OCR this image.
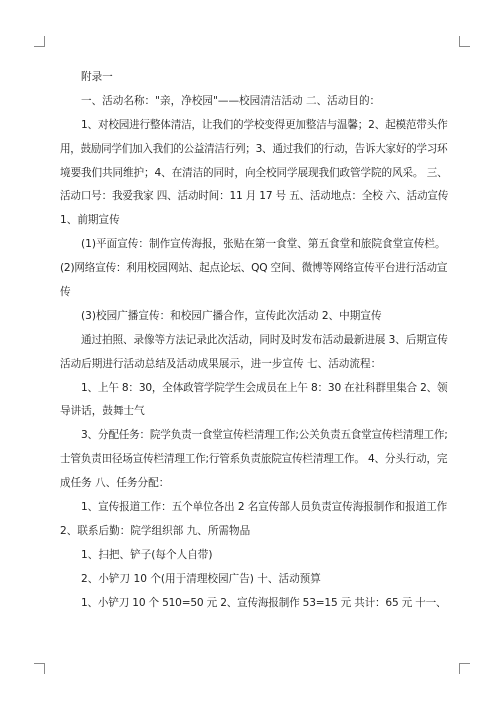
附录一
一、活动名称："亲，净校园"——校园清洁活动 二、活动目的：
1、对校园进行整体清洁，让我们的学校变得更加整洁与温馨；2、起模范带头作
用，鼓励同学们加入我们的公益清洁行列；3、通过我们的行动，告诉大家好的学习环
境要我们共同维护；4、在清洁的同时，向全校同学展现我们政管学院的风采。 三、
活动口号：我爱我家 四、活动时间：11 月 17 号 五、活动地点：全校 六、活动宣传
1、前期宣传
(1)平面宣传：制作宣传海报，张贴在第一食堂、第五食堂和旅院食堂宣传栏。
(2)网络宣传：利用校园网站、起点论坛、QQ 空间、微博等网络宣传平台进行活动宣
传
(3)校园广播宣传：和校园广播合作，宣传此次活动 2、中期宣传
通过拍照、录像等方法记录此次活动，同时及时发布活动最新进展 3、后期宣传
活动后期进行活动总结及活动成果展示，进一步宣传 七、活动流程：
1、上午 8：30，全体政管学院学生会成员在上午 8：30 在社科群里集合 2、领
导讲话，鼓舞士气
3、分配任务：院学负责一食堂宣传栏清理工作;公关负责五食堂宣传栏清理工作;
士管负责田径场宣传栏清理工作;行管系负责旅院宣传栏清理工作。 4、分头行动，完
成任务 八、任务分配：
1、宣传报道工作：五个单位各出 2 名宣传部人员负责宣传海报制作和报道工作
2、联系后勤：院学组织部 九、所需物品
1、扫把、铲子(每个人自带)
2、小铲刀 10 个(用于清理校园广告) 十、活动预算
1、小铲刀 10 个 510=50 元 2、宣传海报制作 53=15 元 共计：65 元 十一、
